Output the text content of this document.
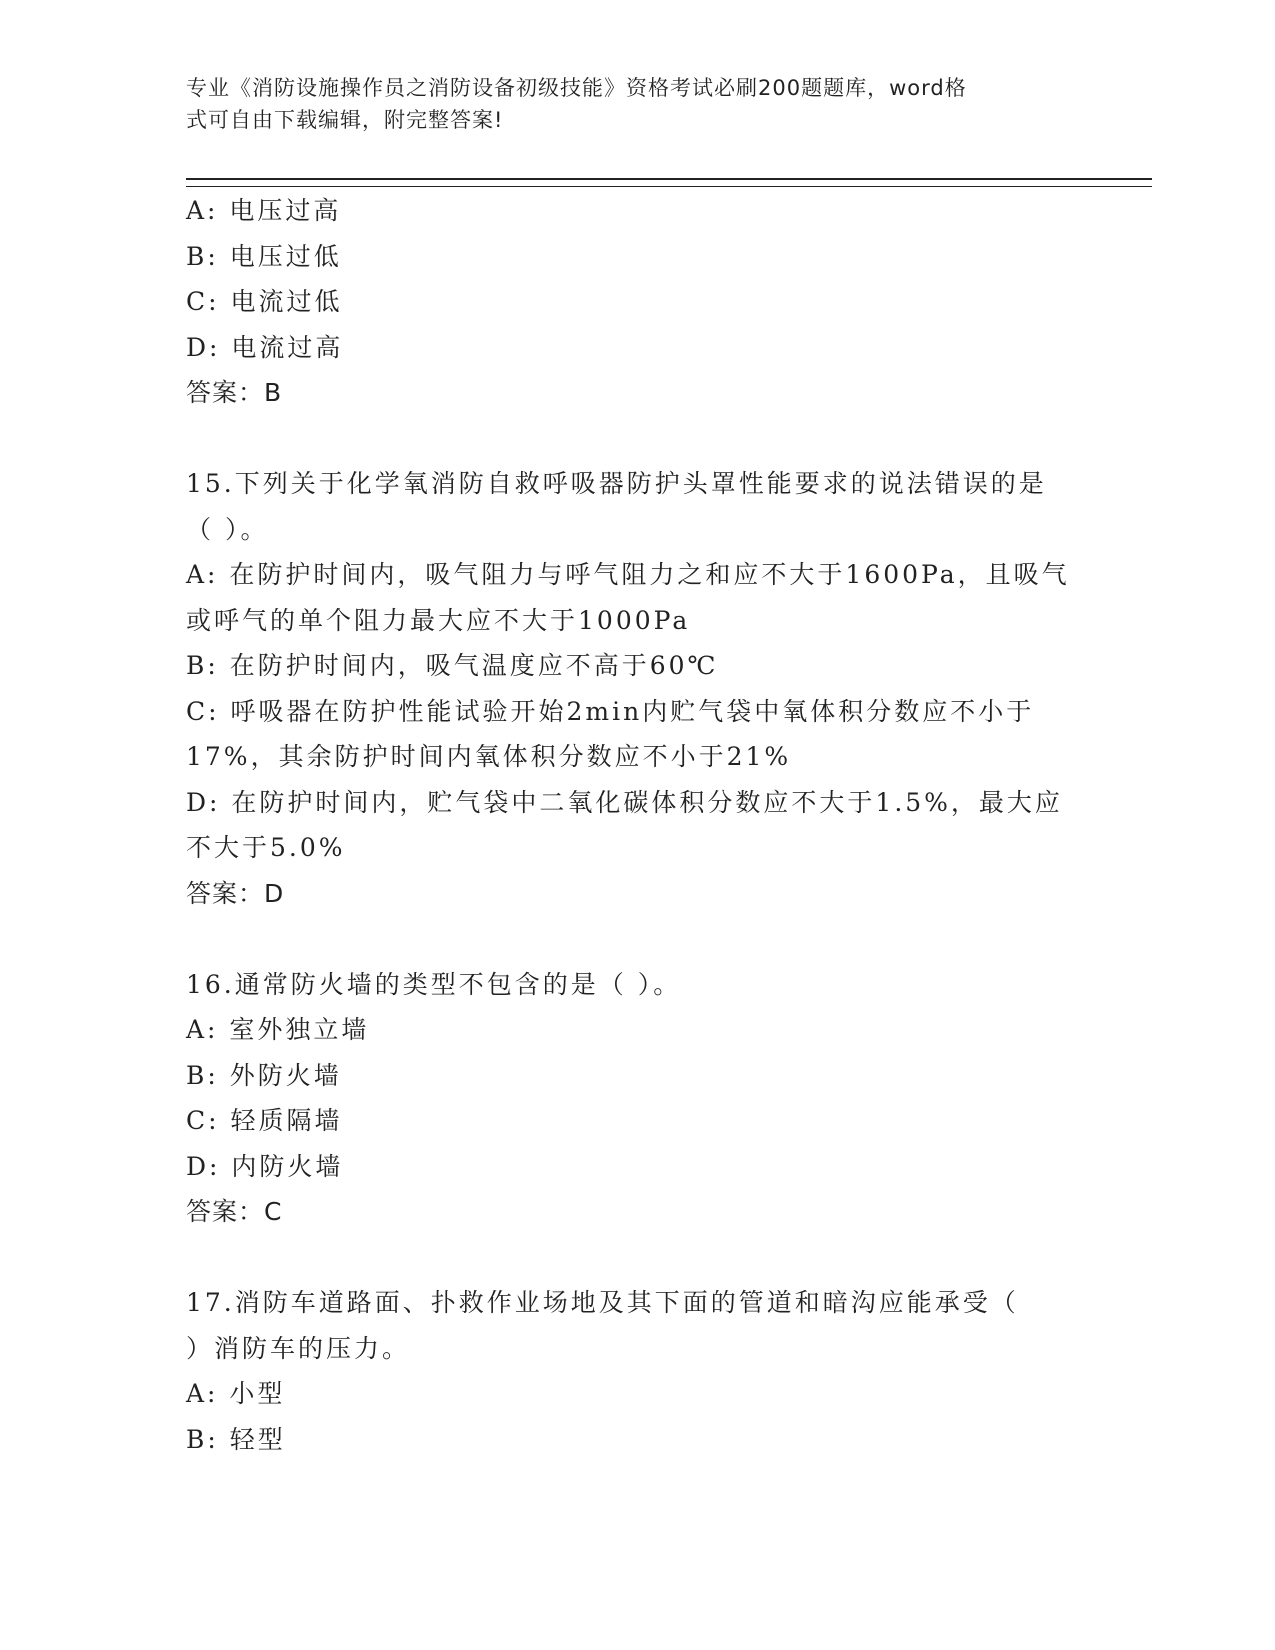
专业《消防设施操作员之消防设备初级技能》资格考试必刷200题题库，word格
式可自由下载编辑，附完整答案!
A: 电压过高
B: 电压过低
C: 电流过低
D: 电流过高
答案：B
15.下列关于化学氧消防自救呼吸器防护头罩性能要求的说法错误的是
（ ）。
A: 在防护时间内，吸气阻力与呼气阻力之和应不大于1600Pa，且吸气
或呼气的单个阻力最大应不大于1000Pa
B: 在防护时间内，吸气温度应不高于60℃
C: 呼吸器在防护性能试验开始2min内贮气袋中氧体积分数应不小于
17%，其余防护时间内氧体积分数应不小于21%
D: 在防护时间内，贮气袋中二氧化碳体积分数应不大于1.5%，最大应
不大于5.0%
答案：D
16.通常防火墙的类型不包含的是（ ）。
A: 室外独立墙
B: 外防火墙
C: 轻质隔墙
D: 内防火墙
答案：C
17.消防车道路面、扑救作业场地及其下面的管道和暗沟应能承受（
）消防车的压力。
A: 小型
B: 轻型
